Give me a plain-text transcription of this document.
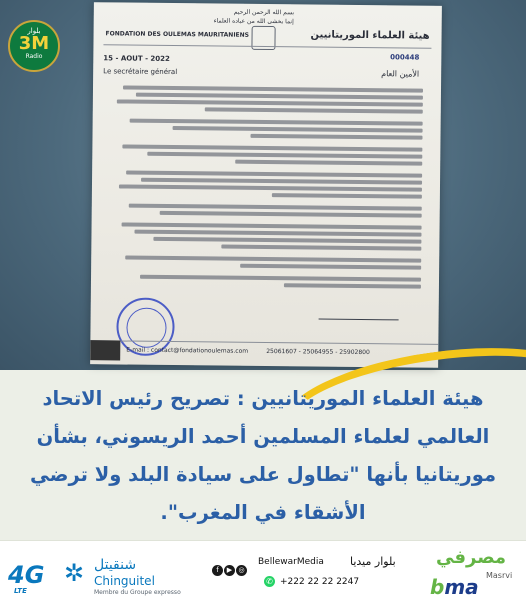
بسم الله الرحمن الرحيم
إنما يخشى الله من عباده العلماء
FONDATION DES OULEMAS MAURITANIENS	هيئة العلماء الموريتانيين
15 - AOUT - 2022	000448
Le secrétaire général	الأمين العام
E-mail : contact@fondationoulemas.com	25061607 - 25064955 - 25902800
بلوار
3M
Radio
هيئة العلماء الموريتانيين : تصريح رئيس الاتحاد العالمي لعلماء المسلمين أحمد الريسوني، بشأن موريتانيا بأنها "تطاول على سيادة البلد ولا ترضي الأشقاء في المغرب".
4G
LTE
✲ شنقيتل
Chinguitel
Membre du Groupe expresso
f ▶ ◎
BellewarMedia بلوار ميديا
✆ +222 22 22 2247
مصرفي
Masrvi
bma
